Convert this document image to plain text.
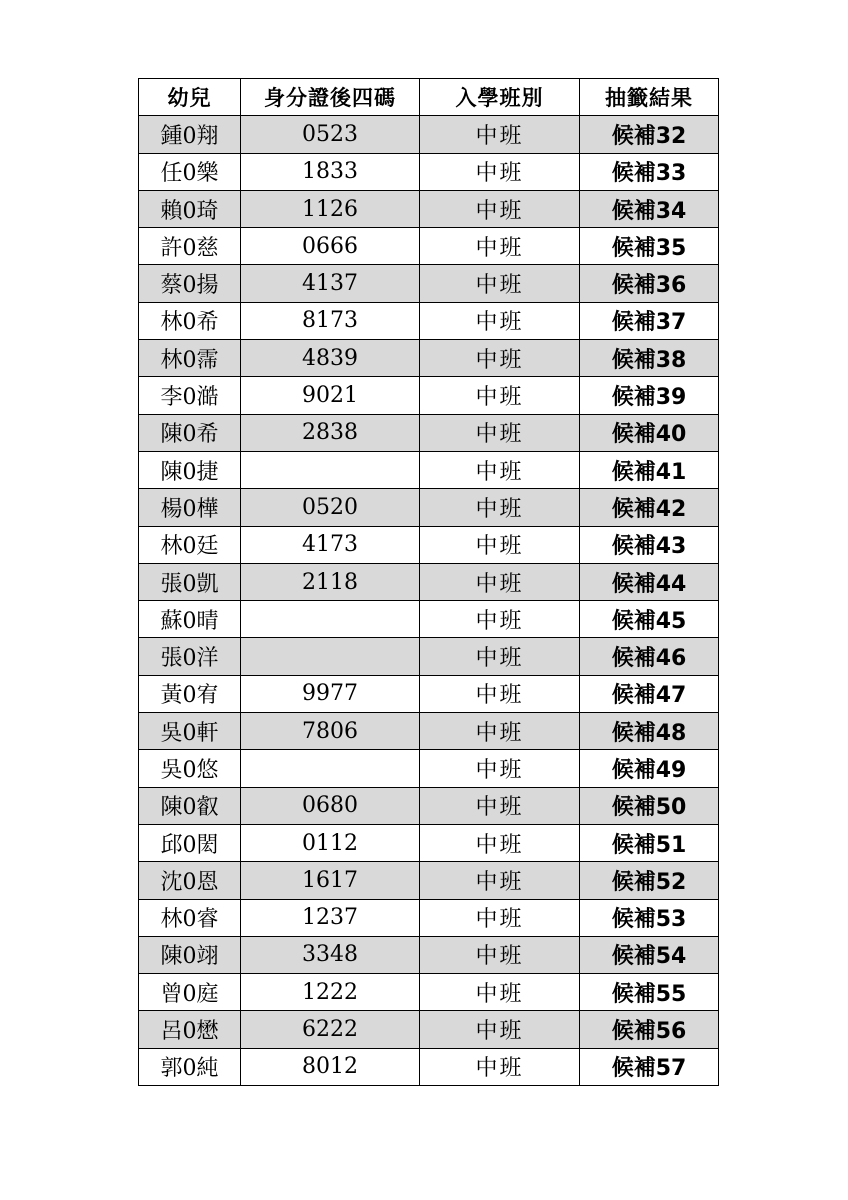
幼兒	身分證後四碼	入學班別	抽籤結果
鍾0翔	0523	中班	候補32
任0樂	1833	中班	候補33
賴0琦	1126	中班	候補34
許0慈	0666	中班	候補35
蔡0揚	4137	中班	候補36
林0希	8173	中班	候補37
林0霈	4839	中班	候補38
李0澔	9021	中班	候補39
陳0希	2838	中班	候補40
陳0捷		中班	候補41
楊0樺	0520	中班	候補42
林0廷	4173	中班	候補43
張0凱	2118	中班	候補44
蘇0晴		中班	候補45
張0洋		中班	候補46
黃0宥	9977	中班	候補47
吳0軒	7806	中班	候補48
吳0悠		中班	候補49
陳0叡	0680	中班	候補50
邱0閎	0112	中班	候補51
沈0恩	1617	中班	候補52
林0睿	1237	中班	候補53
陳0翊	3348	中班	候補54
曾0庭	1222	中班	候補55
呂0懋	6222	中班	候補56
郭0純	8012	中班	候補57
